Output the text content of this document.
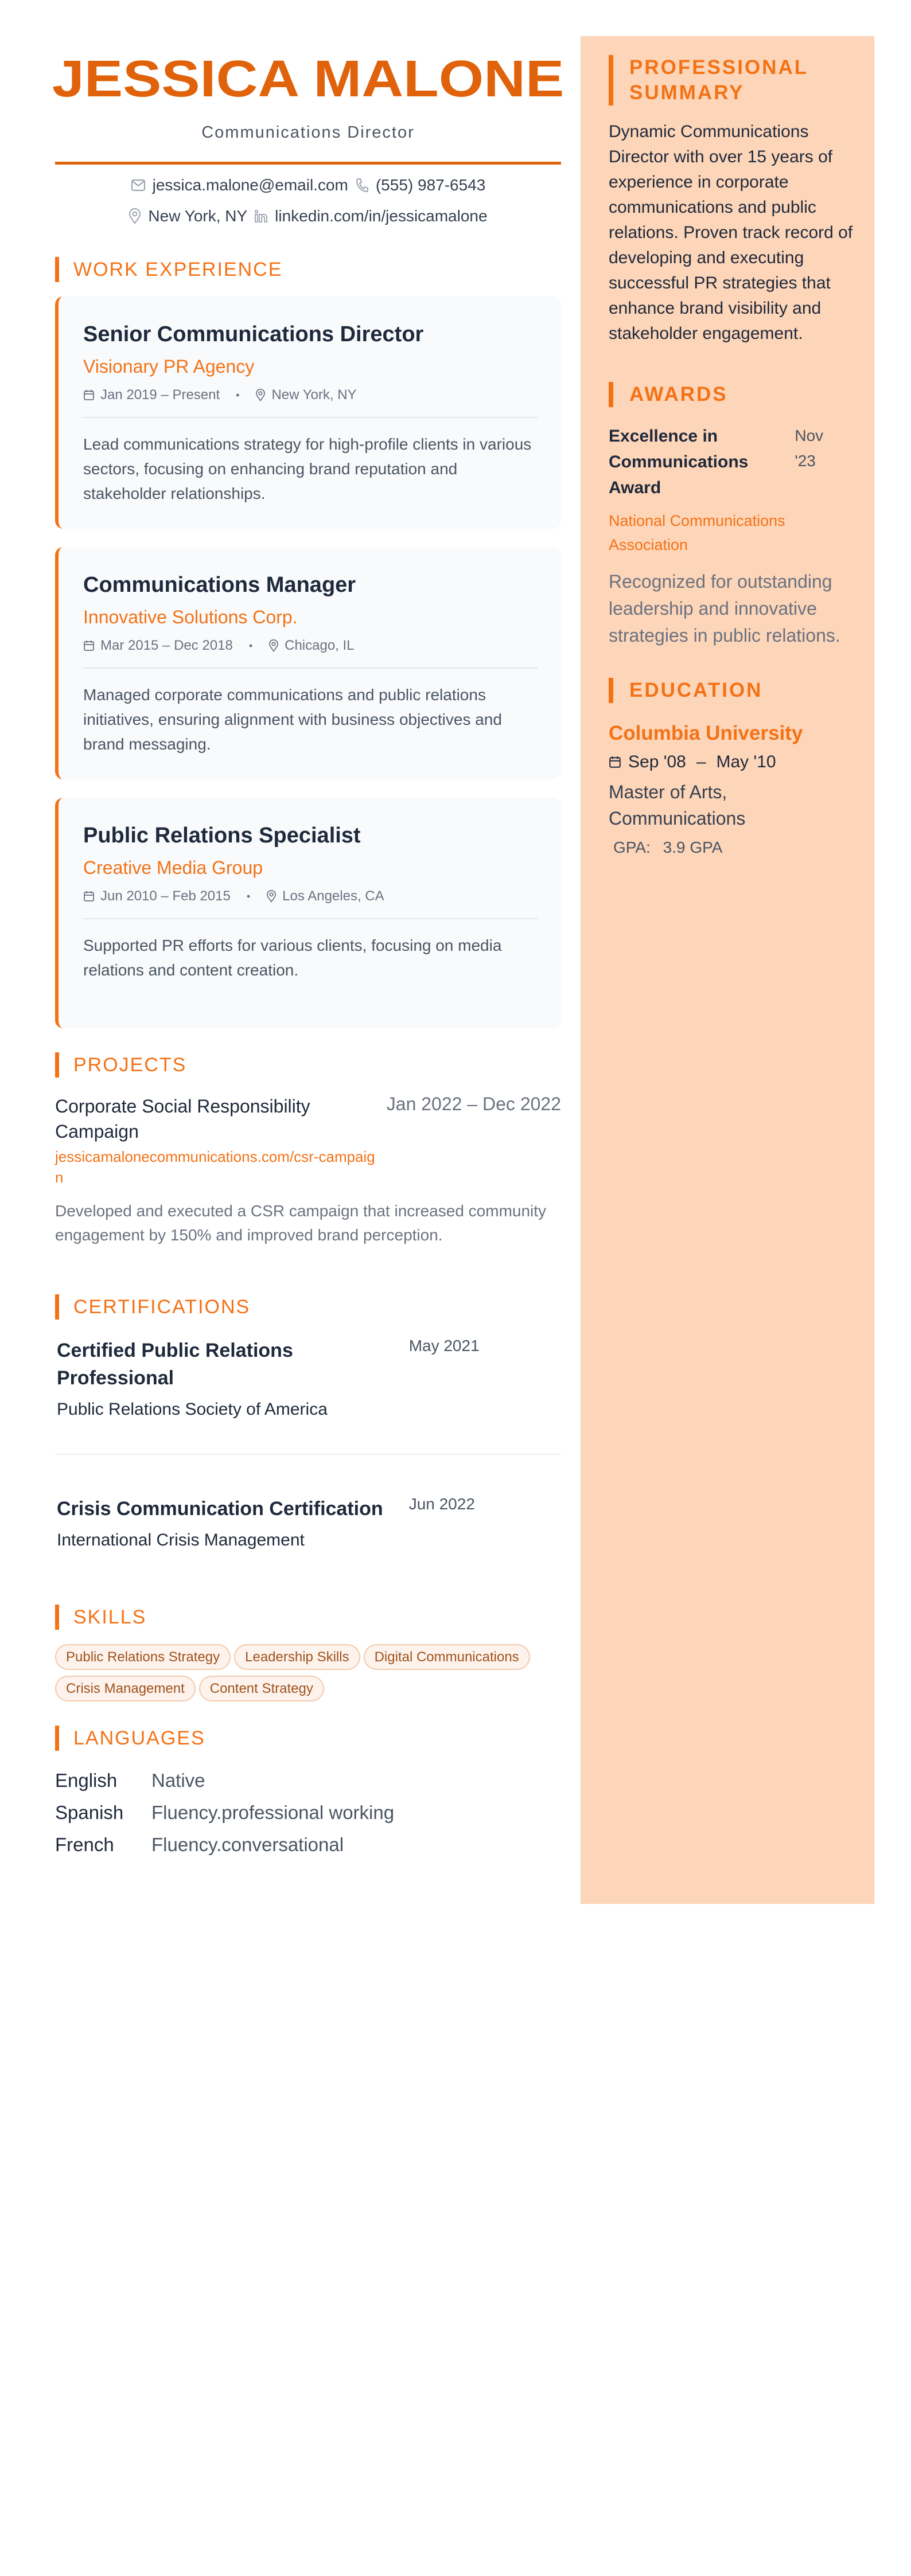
JESSICA MALONE
Communications Director
jessica.malone@email.com (555) 987-6543
New York, NY linkedin.com/in/jessicamalone
WORK EXPERIENCE
Senior Communications Director
Visionary PR Agency
Jan 2019 – Present • New York, NY

Lead communications strategy for high-profile clients in various sectors, focusing on enhancing brand reputation and stakeholder relationships.

Communications Manager
Innovative Solutions Corp.
Mar 2015 – Dec 2018 • Chicago, IL

Managed corporate communications and public relations initiatives, ensuring alignment with business objectives and brand messaging.

Public Relations Specialist
Creative Media Group
Jun 2010 – Feb 2015 • Los Angeles, CA

Supported PR efforts for various clients, focusing on media relations and content creation.

PROJECTS
Corporate Social Responsibility Campaign
jessicamalonecommunications.com/csr-campaign
Jan 2022 – Dec 2022

Developed and executed a CSR campaign that increased community engagement by 150% and improved brand perception.

CERTIFICATIONS
Certified Public Relations Professional
Public Relations Society of America
May 2021
Crisis Communication Certification
International Crisis Management
Jun 2022
SKILLS
Public Relations Strategy	Leadership Skills	Digital Communications
Crisis Management	Content Strategy
LANGUAGES
English	Native
Spanish	Fluency.professional working
French	Fluency.conversational
PROFESSIONAL SUMMARY

Dynamic Communications Director with over 15 years of experience in corporate communications and public relations. Proven track record of developing and executing successful PR strategies that enhance brand visibility and stakeholder engagement.

AWARDS
Excellence in Communications Award
Nov '23
National Communications Association

Recognized for outstanding leadership and innovative strategies in public relations.

EDUCATION
Columbia University
Sep '08 – May '10
Master of Arts, Communications
GPA: 3.9 GPA
